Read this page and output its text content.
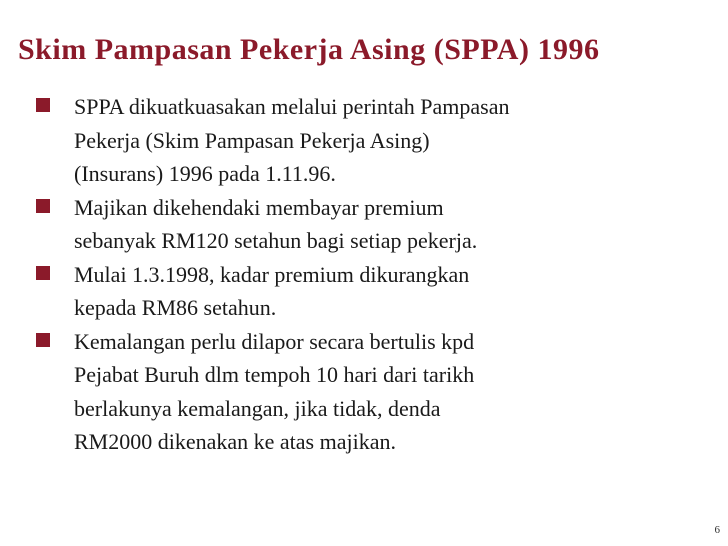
Skim Pampasan Pekerja Asing (SPPA) 1996
SPPA dikuatkuasakan melalui perintah Pampasan
Pekerja (Skim Pampasan Pekerja Asing)
(Insurans) 1996 pada 1.11.96.
Majikan dikehendaki membayar premium
sebanyak RM120 setahun bagi setiap pekerja.
Mulai 1.3.1998, kadar premium dikurangkan
kepada RM86 setahun.
Kemalangan perlu dilapor secara bertulis kpd
Pejabat Buruh dlm tempoh 10 hari dari tarikh
berlakunya kemalangan, jika tidak, denda
RM2000 dikenakan ke atas majikan.
6
